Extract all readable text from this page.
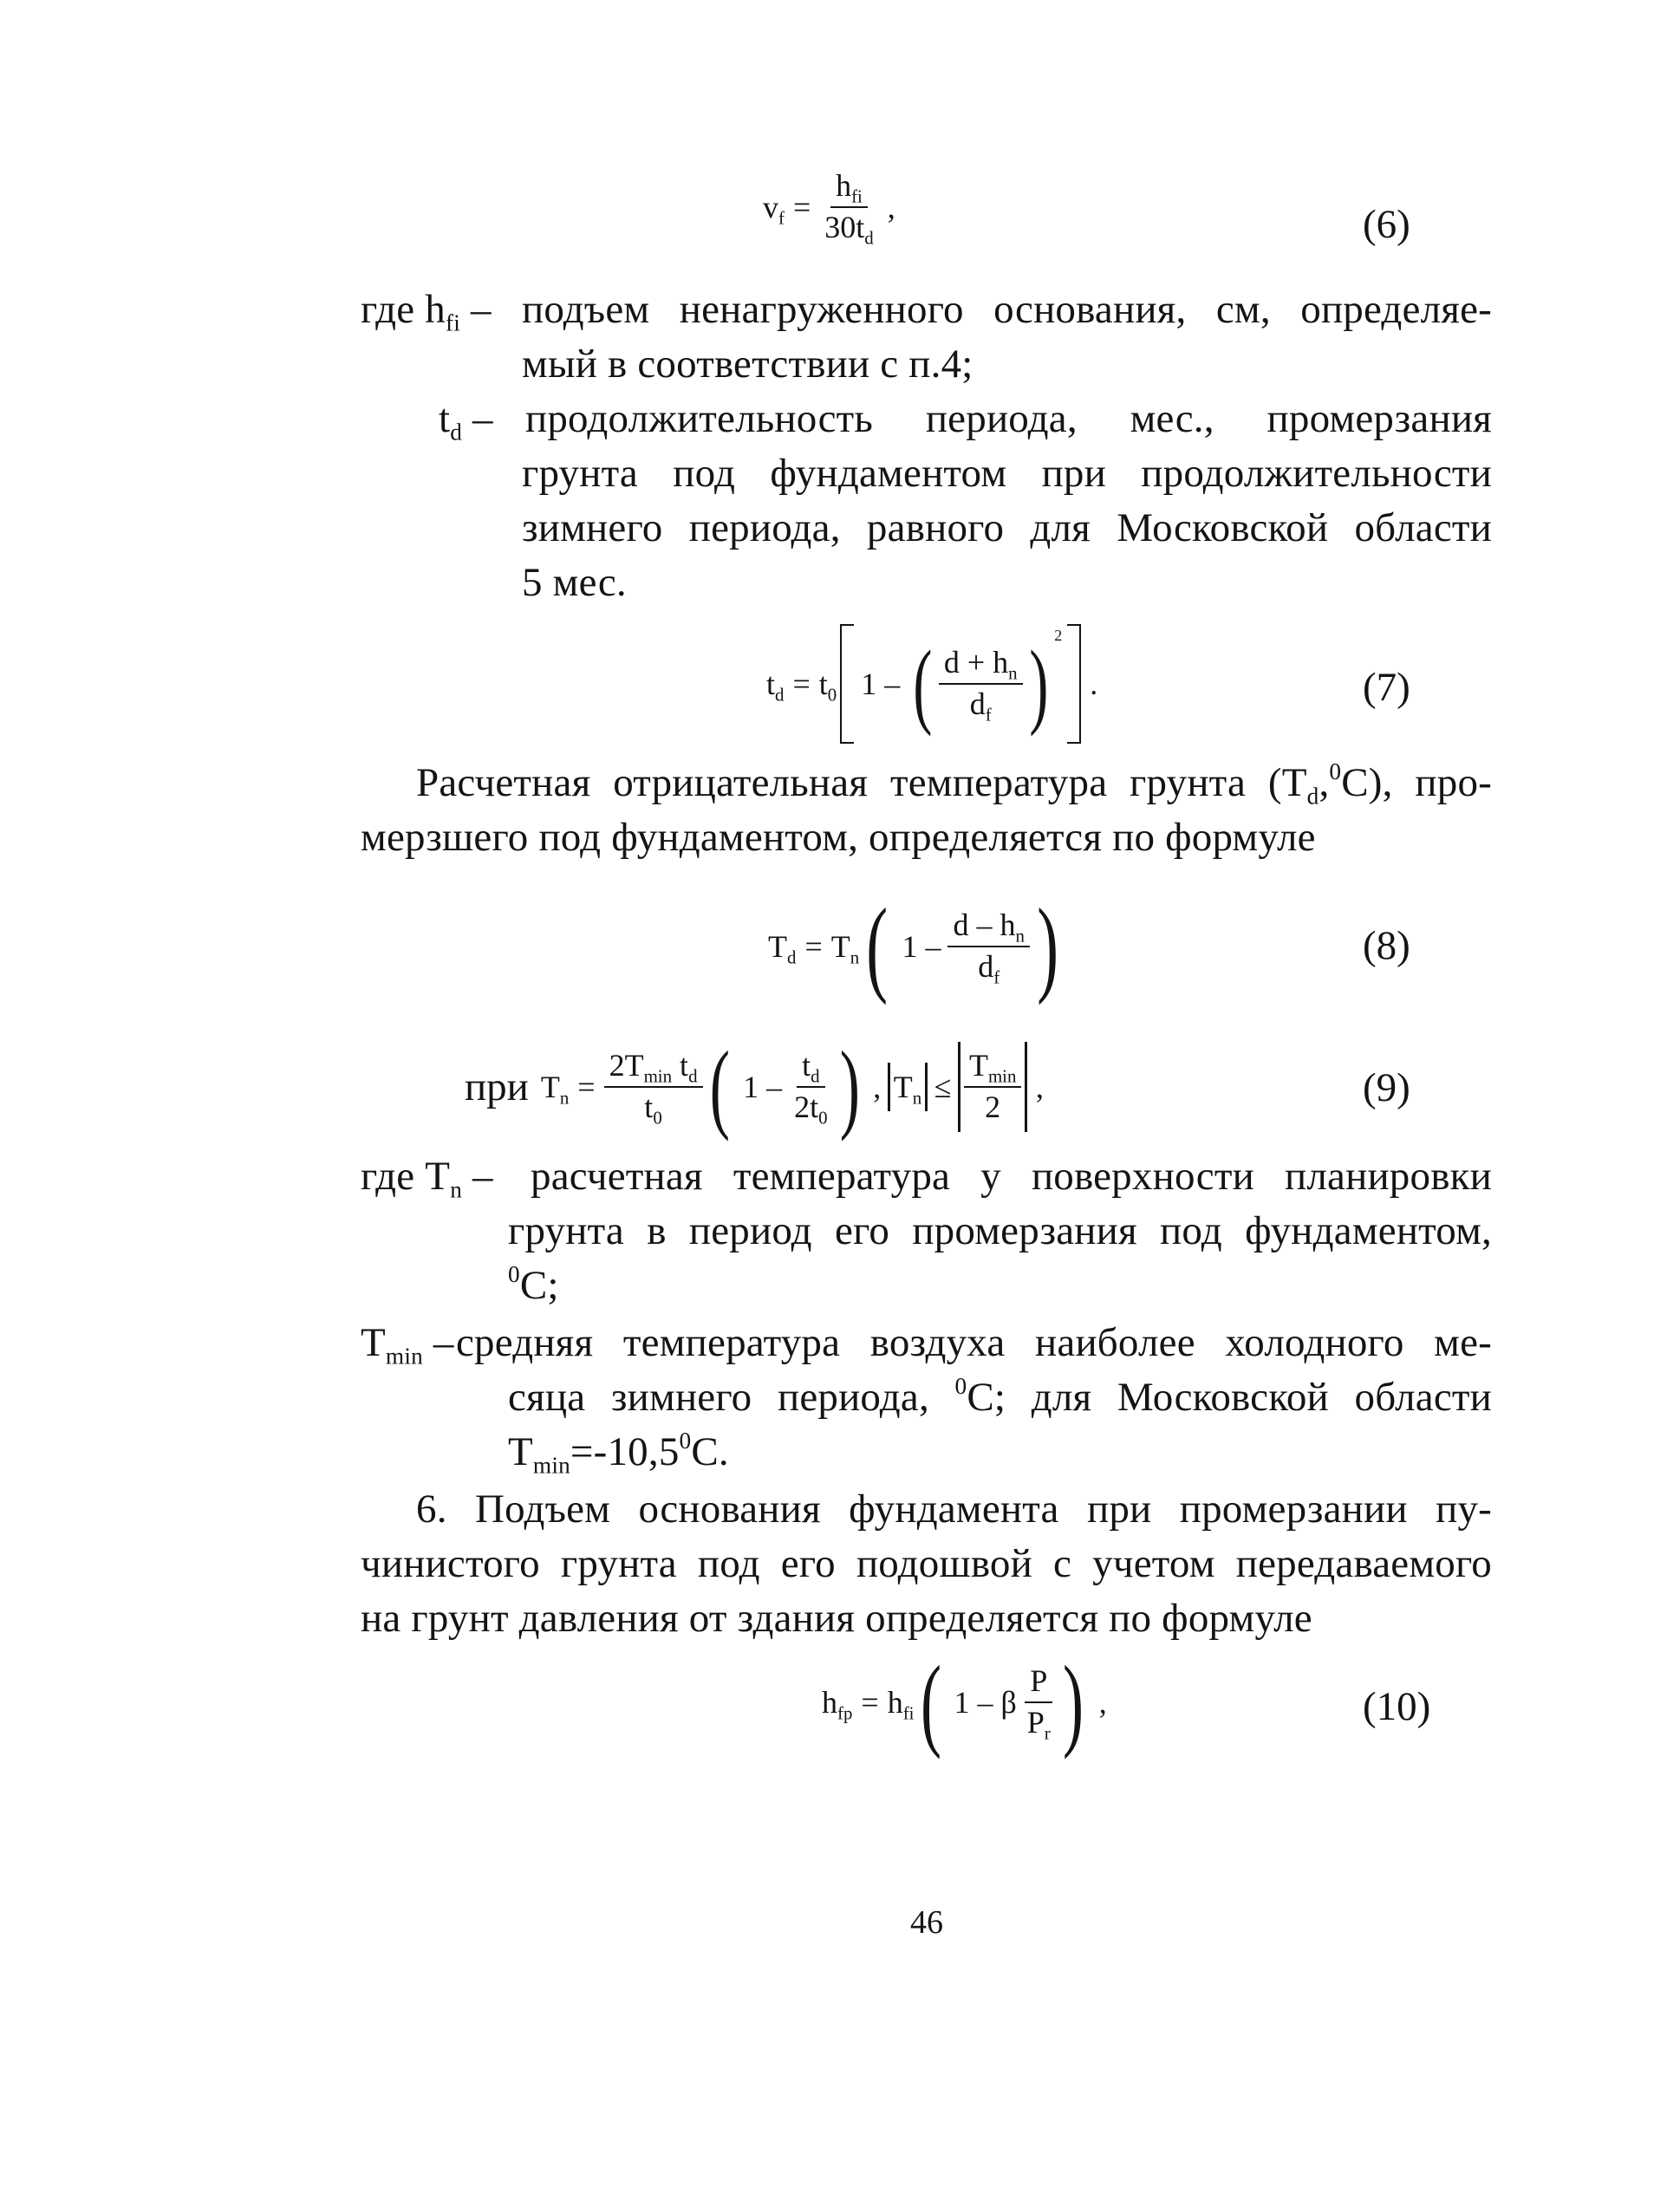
$v_f = \frac{h_{fi}}{30t_d}$ ,	(6)
где $h_{fi}$ – подъем ненагруженного основания, см, определяе-
мый в соответствии с п.4;
$t_d$ – продолжительность периода, мес., промерзания
грунта под фундаментом при продолжительности
зимнего периода, равного для Московской области
5 мес.
$t_d = t_0$ 1 – ( $\frac{d + h_n}{d_f}$ ) 2
.	(7)
Расчетная отрицательная температура грунта $(T_d,^0C)$, про-
мерзшего под фундаментом, определяется по формуле
$T_d = T_n$ ( $1 - \frac{d - h_n}{d_f}$ )	(8)
при $T_n = \frac{2T_{min} t_d}{t_0}$ ( $1 - \frac{t_d}{2t_0}$ ) , $T_n \le \frac{T_{min}}{2}$ ,	(9)
где $T_n$ – расчетная температура у поверхности планировки
грунта в период его промерзания под фундаментом,
$^0$C;
$T_{min}$ – средняя температура воздуха наиболее холодного ме-
сяца зимнего периода, $^0$C; для Московской области
$T_{min}=-10,5^0C$.
6. Подъем основания фундамента при промерзании пу-
чинистого грунта под его подошвой с учетом передаваемого
на грунт давления от здания определяется по формуле
$h_{fp} = h_{fi}$ ( 1 – β $\frac{P}{P_r}$ ) ,	(10)
46
